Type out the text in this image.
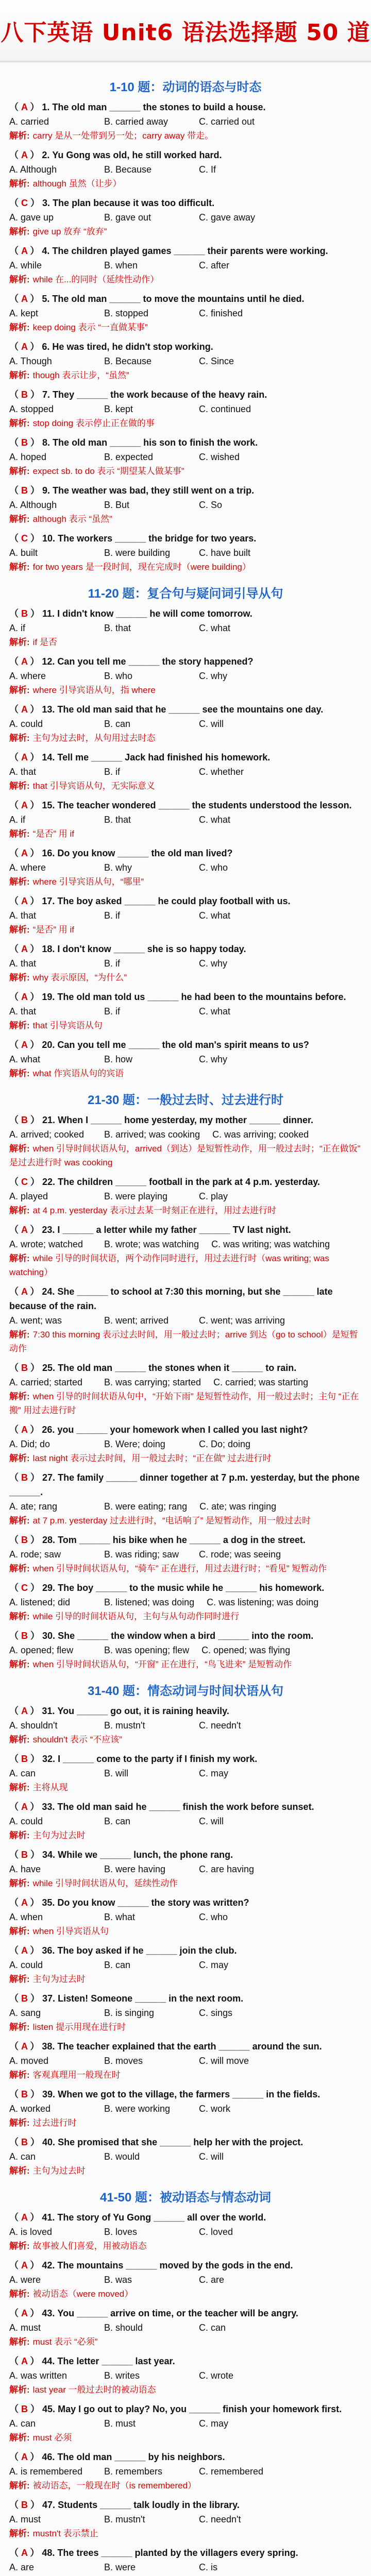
八下英语 Unit6 语法选择题 50 道
1-10 题：动词的语态与时态
（ A ） 1. The old man ______ the stones to build a house.
A. carried	B. carried away	C. carried out
解析: carry 是从一处带到另一处；carry away 带走。
（ A ） 2. Yu Gong was old, he still worked hard.
A. Although	B. Because	C. If
解析: although 虽然（让步）
（ C ） 3. The plan because it was too difficult.
A. gave up	B. gave out	C. gave away
解析: give up 放弃 “放弃”
（ A ） 4. The children played games ______ their parents were working.
A. while	B. when	C. after
解析: while 在...的同时（延续性动作）
（ A ） 5. The old man ______ to move the mountains until he died.
A. kept	B. stopped	C. finished
解析: keep doing 表示 “一直做某事”
（ A ） 6. He was tired, he didn't stop working.
A. Though	B. Because	C. Since
解析: though 表示让步，“虽然”
（ B ） 7. They ______ the work because of the heavy rain.
A. stopped	B. kept	C. continued
解析: stop doing 表示停止正在做的事
（ B ） 8. The old man ______ his son to finish the work.
A. hoped	B. expected	C. wished
解析: expect sb. to do 表示 “期望某人做某事”
（ B ） 9. The weather was bad, they still went on a trip.
A. Although	B. But	C. So
解析: although 表示 “虽然”
（ C ） 10. The workers ______ the bridge for two years.
A. built	B. were building	C. have built
解析: for two years 是一段时间，现在完成时（were building）
11-20 题：复合句与疑问词引导从句
（ B ） 11. I didn't know ______ he will come tomorrow.
A. if	B. that	C. what
解析: if 是否
（ A ） 12. Can you tell me ______ the story happened?
A. where	B. who	C. why
解析: where 引导宾语从句，指 where
（ A ） 13. The old man said that he ______ see the mountains one day.
A. could	B. can	C. will
解析: 主句为过去时，从句用过去时态
（ A ） 14. Tell me ______ Jack had finished his homework.
A. that	B. if	C. whether
解析: that 引导宾语从句，无实际意义
（ A ） 15. The teacher wondered ______ the students understood the lesson.
A. if	B. that	C. what
解析: “是否” 用 if
（ A ） 16. Do you know ______ the old man lived?
A. where	B. why	C. who
解析: where 引导宾语从句，“哪里”
（ A ） 17. The boy asked ______ he could play football with us.
A. that	B. if	C. what
解析: “是否” 用 if
（ A ） 18. I don't know ______ she is so happy today.
A. that	B. if	C. why
解析: why 表示原因，“为什么”
（ A ） 19. The old man told us ______ he had been to the mountains before.
A. that	B. if	C. what
解析: that 引导宾语从句
（ A ） 20. Can you tell me ______ the old man's spirit means to us?
A. what	B. how	C. why
解析: what 作宾语从句的宾语
21-30 题：一般过去时、过去进行时
（ B ） 21. When I ______ home yesterday, my mother ______ dinner.
A. arrived; cooked	B. arrived; was cooking C. was arriving; cooked
解析: when 引导时间状语从句，arrived（到达）是短暂性动作，用一般过去时；“正在做饭” 是过去进行时 was cooking
（ C ） 22. The children ______ football in the park at 4 p.m. yesterday.
A. played	B. were playing	C. play
解析: at 4 p.m. yesterday 表示过去某一时刻正在进行，用过去进行时
（ A ） 23. I ______ a letter while my father ______ TV last night.
A. wrote; watched	B. wrote; was watching C. was writing; was watching
解析: while 引导的时间状语，两个动作同时进行，用过去进行时（was writing; was watching）
（ A ） 24. She ______ to school at 7:30 this morning, but she ______ late because of the rain.
A. went; was	B. went; arrived	C. went; was arriving
解析: 7:30 this morning 表示过去时间，用一般过去时；arrive 到达（go to school）是短暂动作
（ B ） 25. The old man ______ the stones when it ______ to rain.
A. carried; started	B. was carrying; started C. carried; was starting
解析: when 引导的时间状语从句中，“开始下雨” 是短暂性动作，用一般过去时；主句 “正在搬” 用过去进行时
（ A ） 26. you ______ your homework when I called you last night?
A. Did; do	B. Were; doing	C. Do; doing
解析: last night 表示过去时间，用一般过去时；“正在做” 过去进行时
（ B ） 27. The family ______ dinner together at 7 p.m. yesterday, but the phone ______.
A. ate; rang	B. were eating; rang C. ate; was ringing
解析: at 7 p.m. yesterday 过去进行时，“电话响了” 是短暂动作，用一般过去时
（ B ） 28. Tom ______ his bike when he ______ a dog in the street.
A. rode; saw	B. was riding; saw	C. rode; was seeing
解析: when 引导时间状语从句，“骑车” 正在进行，用过去进行时；“看见” 短暂动作
（ C ） 29. The boy ______ to the music while he ______ his homework.
A. listened; did	B. listened; was doing C. was listening; was doing
解析: while 引导的时间状语从句，主句与从句动作同时进行
（ B ） 30. She ______ the window when a bird ______ into the room.
A. opened; flew	B. was opening; flew C. opened; was flying
解析: when 引导时间状语从句，“开窗” 正在进行，“鸟飞进来” 是短暂动作
31-40 题：情态动词与时间状语从句
（ A ） 31. You ______ go out, it is raining heavily.
A. shouldn't	B. mustn't	C. needn't
解析: shouldn't 表示 “不应该”
（ B ） 32. I ______ come to the party if I finish my work.
A. can	B. will	C. may
解析: 主将从现
（ A ） 33. The old man said he ______ finish the work before sunset.
A. could	B. can	C. will
解析: 主句为过去时
（ B ） 34. While we ______ lunch, the phone rang.
A. have	B. were having	C. are having
解析: while 引导时间状语从句，延续性动作
（ A ） 35. Do you know ______ the story was written?
A. when	B. what	C. who
解析: when 引导宾语从句
（ A ） 36. The boy asked if he ______ join the club.
A. could	B. can	C. may
解析: 主句为过去时
（ B ） 37. Listen! Someone ______ in the next room.
A. sang	B. is singing	C. sings
解析: listen 提示用现在进行时
（ A ） 38. The teacher explained that the earth ______ around the sun.
A. moved	B. moves	C. will move
解析: 客观真理用一般现在时
（ B ） 39. When we got to the village, the farmers ______ in the fields.
A. worked	B. were working	C. work
解析: 过去进行时
（ B ） 40. She promised that she ______ help her with the project.
A. can	B. would	C. will
解析: 主句为过去时
41-50 题：被动语态与情态动词
（ A ） 41. The story of Yu Gong ______ all over the world.
A. is loved	B. loves	C. loved
解析: 故事被人们喜爱，用被动语态
（ A ） 42. The mountains ______ moved by the gods in the end.
A. were	B. was	C. are
解析: 被动语态（were moved）
（ A ） 43. You ______ arrive on time, or the teacher will be angry.
A. must	B. should	C. can
解析: must 表示 “必须”
（ A ） 44. The letter ______ last year.
A. was written	B. writes	C. wrote
解析: last year 一般过去时的被动语态
（ B ） 45. May I go out to play? No, you ______ finish your homework first.
A. can	B. must	C. may
解析: must 必须
（ A ） 46. The old man ______ by his neighbors.
A. is remembered	B. remembers	C. remembered
解析: 被动语态，一般现在时（is remembered）
（ B ） 47. Students ______ talk loudly in the library.
A. must	B. mustn't	C. needn't
解析: mustn't 表示禁止
（ A ） 48. The trees ______ planted by the villagers every spring.
A. are	B. were	C. is
